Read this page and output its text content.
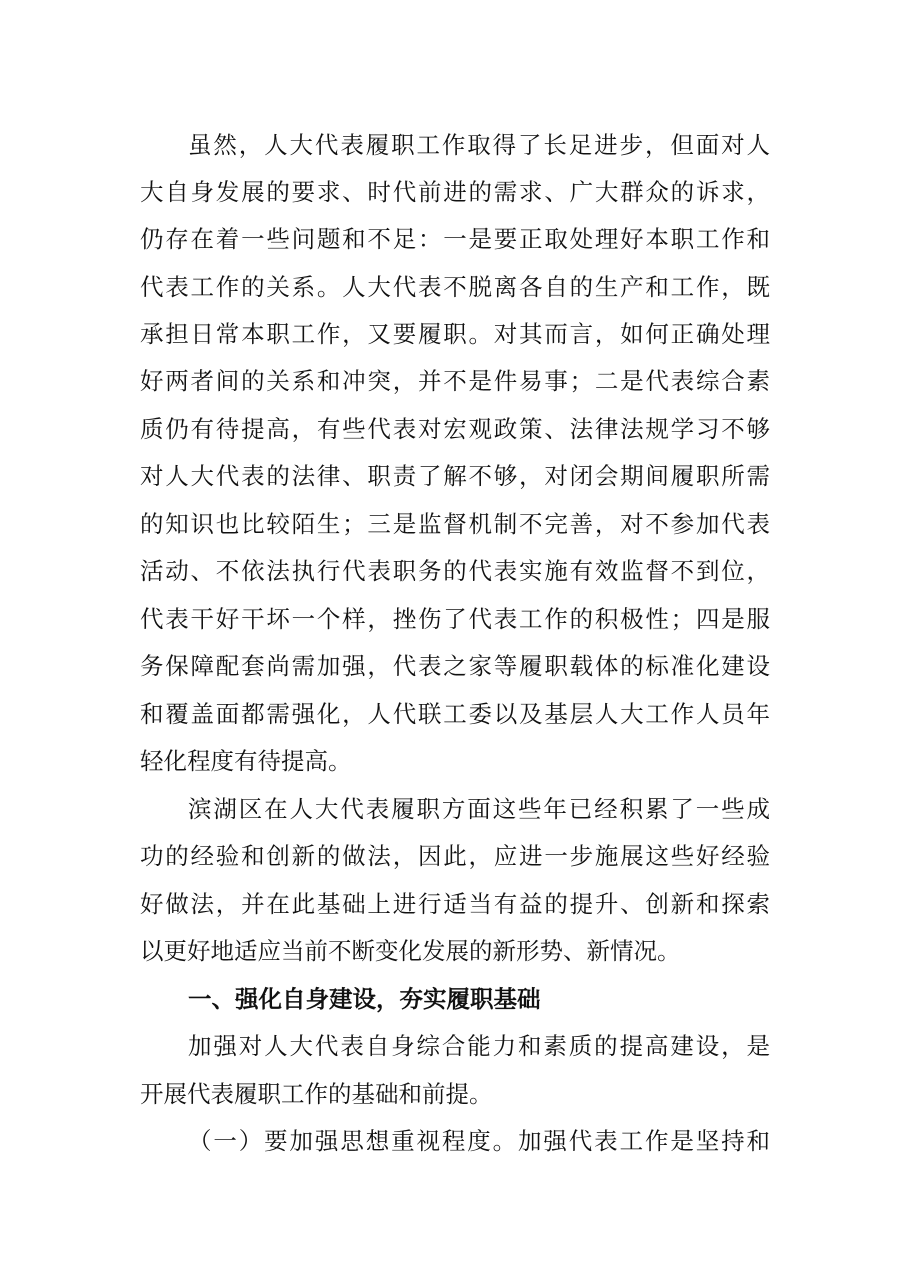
虽然，人大代表履职工作取得了长足进步，但面对人
大自身发展的要求、时代前进的需求、广大群众的诉求，
仍存在着一些问题和不足：一是要正取处理好本职工作和
代表工作的关系。人大代表不脱离各自的生产和工作，既
承担日常本职工作，又要履职。对其而言，如何正确处理
好两者间的关系和冲突，并不是件易事；二是代表综合素
质仍有待提高，有些代表对宏观政策、法律法规学习不够
对人大代表的法律、职责了解不够，对闭会期间履职所需
的知识也比较陌生；三是监督机制不完善，对不参加代表
活动、不依法执行代表职务的代表实施有效监督不到位，
代表干好干坏一个样，挫伤了代表工作的积极性；四是服
务保障配套尚需加强，代表之家等履职载体的标准化建设
和覆盖面都需强化，人代联工委以及基层人大工作人员年
轻化程度有待提高。
滨湖区在人大代表履职方面这些年已经积累了一些成
功的经验和创新的做法，因此，应进一步施展这些好经验
好做法，并在此基础上进行适当有益的提升、创新和探索
以更好地适应当前不断变化发展的新形势、新情况。
一、强化自身建设，夯实履职基础
加强对人大代表自身综合能力和素质的提高建设，是
开展代表履职工作的基础和前提。
（一）要加强思想重视程度。加强代表工作是坚持和
